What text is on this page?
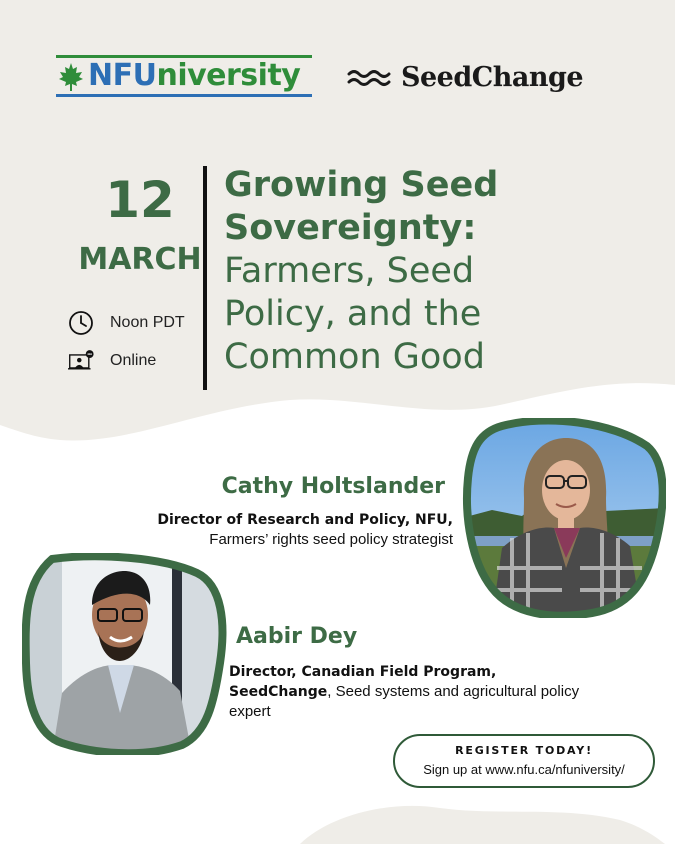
NFUniversity	SeedChange
12
MARCH
Noon PDT
Online
Growing Seed
Sovereignty:
Farmers, Seed
Policy, and the
Common Good
Cathy Holtslander
Director of Research and Policy, NFU,
Farmers’ rights seed policy strategist
Aabir Dey
Director, Canadian Field Program,
SeedChange, Seed systems and agricultural policy expert
REGISTER TODAY!
Sign up at www.nfu.ca/nfuniversity/
